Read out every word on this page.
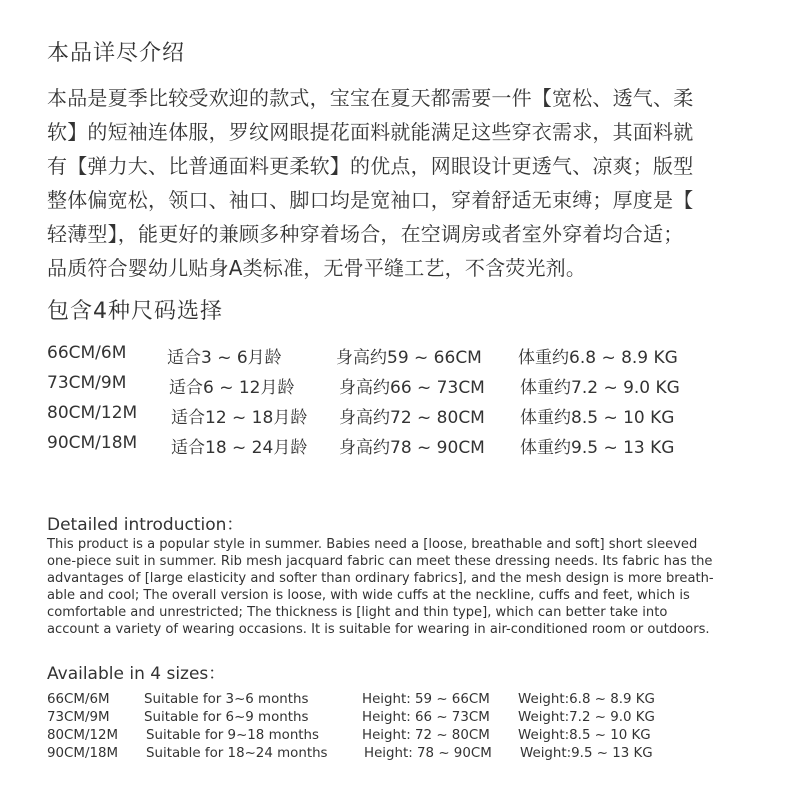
本品详尽介绍
本品是夏季比较受欢迎的款式，宝宝在夏天都需要一件【宽松、透气、柔
软】的短袖连体服，罗纹网眼提花面料就能满足这些穿衣需求，其面料就
有【弹力大、比普通面料更柔软】的优点，网眼设计更透气、凉爽；版型
整体偏宽松，领口、袖口、脚口均是宽袖口，穿着舒适无束缚；厚度是【
轻薄型】，能更好的兼顾多种穿着场合，在空调房或者室外穿着均合适；
品质符合婴幼儿贴身A类标准，无骨平缝工艺，不含荧光剂。
包含4种尺码选择
66CM/6M 适合3 ~ 6月龄	身高约59 ~ 66CM 体重约6.8 ~ 8.9 KG
73CM/9M	适合6 ~ 12月龄	身高约66 ~ 73CM 体重约7.2 ~ 9.0 KG
80CM/12M 适合12 ~ 18月龄 身高约72 ~ 80CM 体重约8.5 ~ 10 KG
90CM/18M 适合18 ~ 24月龄 身高约78 ~ 90CM 体重约9.5 ~ 13 KG
Detailed introduction：
This product is a popular style in summer. Babies need a [loose, breathable and soft] short sleeved
one-piece suit in summer. Rib mesh jacquard fabric can meet these dressing needs. Its fabric has the
advantages of [large elasticity and softer than ordinary fabrics], and the mesh design is more breath-
able and cool; The overall version is loose, with wide cuffs at the neckline, cuffs and feet, which is
comfortable and unrestricted; The thickness is [light and thin type], which can better take into
account a variety of wearing occasions. It is suitable for wearing in air-conditioned room or outdoors.
Available in 4 sizes：
66CM/6M	Suitable for 3~6 months	Height: 59 ~ 66CM Weight:6.8 ~ 8.9 KG
73CM/9M	Suitable for 6~9 months	Height: 66 ~ 73CM Weight:7.2 ~ 9.0 KG
80CM/12M Suitable for 9~18 months	Height: 72 ~ 80CM Weight:8.5 ~ 10 KG
90CM/18M Suitable for 18~24 months	Height: 78 ~ 90CM Weight:9.5 ~ 13 KG
